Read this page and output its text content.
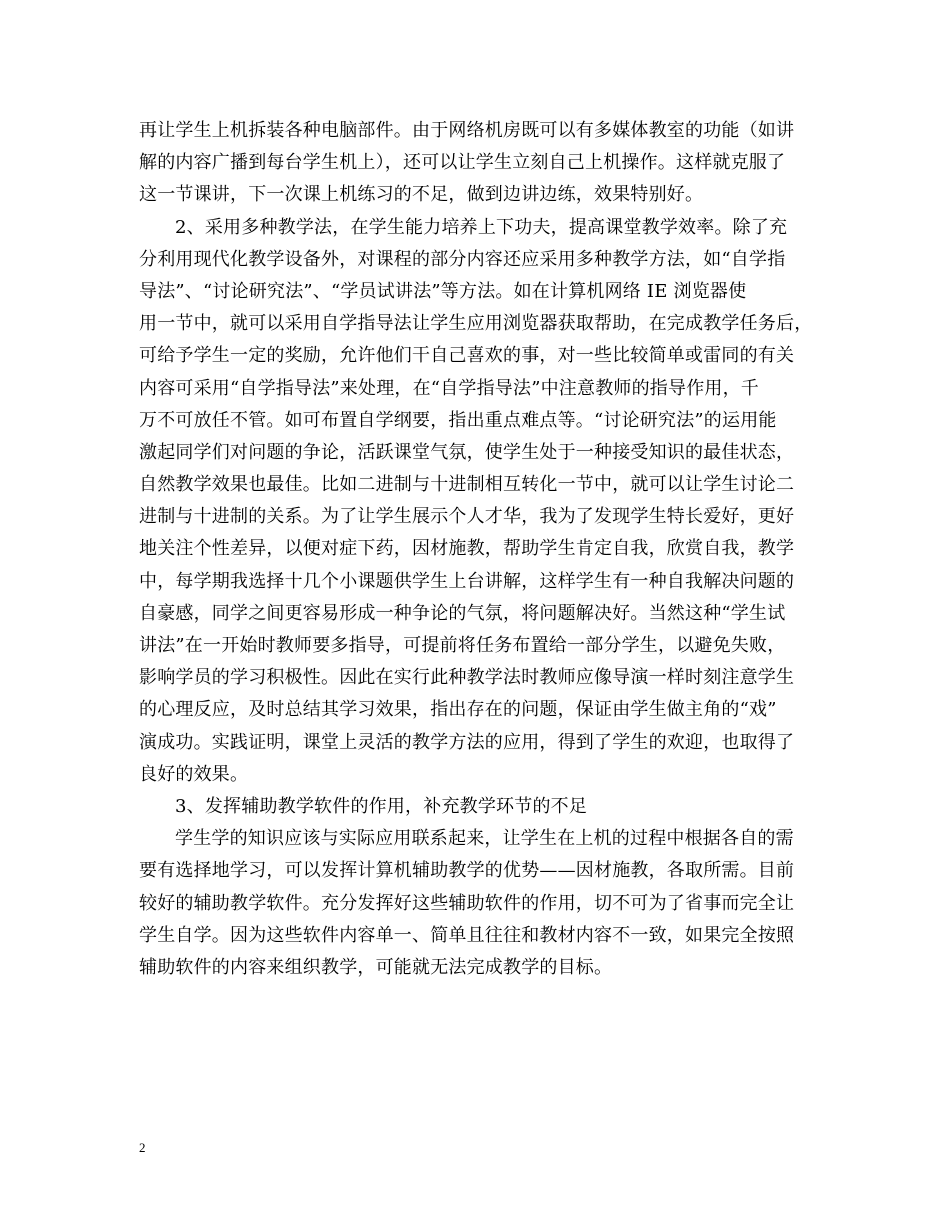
再让学生上机拆装各种电脑部件。由于网络机房既可以有多媒体教室的功能（如讲
解的内容广播到每台学生机上），还可以让学生立刻自己上机操作。这样就克服了
这一节课讲，下一次课上机练习的不足，做到边讲边练，效果特别好。
2、采用多种教学法，在学生能力培养上下功夫，提高课堂教学效率。除了充
分利用现代化教学设备外，对课程的部分内容还应采用多种教学方法，如“自学指
导法”、“讨论研究法”、“学员试讲法”等方法。如在计算机网络 IE 浏览器使
用一节中，就可以采用自学指导法让学生应用浏览器获取帮助，在完成教学任务后，
可给予学生一定的奖励，允许他们干自己喜欢的事，对一些比较简单或雷同的有关
内容可采用“自学指导法”来处理，在“自学指导法”中注意教师的指导作用，千
万不可放任不管。如可布置自学纲要，指出重点难点等。“讨论研究法”的运用能
激起同学们对问题的争论，活跃课堂气氛，使学生处于一种接受知识的最佳状态，
自然教学效果也最佳。比如二进制与十进制相互转化一节中，就可以让学生讨论二
进制与十进制的关系。为了让学生展示个人才华，我为了发现学生特长爱好，更好
地关注个性差异，以便对症下药，因材施教，帮助学生肯定自我，欣赏自我，教学
中，每学期我选择十几个小课题供学生上台讲解，这样学生有一种自我解决问题的
自豪感，同学之间更容易形成一种争论的气氛，将问题解决好。当然这种“学生试
讲法”在一开始时教师要多指导，可提前将任务布置给一部分学生，以避免失败，
影响学员的学习积极性。因此在实行此种教学法时教师应像导演一样时刻注意学生
的心理反应，及时总结其学习效果，指出存在的问题，保证由学生做主角的“戏”
演成功。实践证明，课堂上灵活的教学方法的应用，得到了学生的欢迎，也取得了
良好的效果。
3、发挥辅助教学软件的作用，补充教学环节的不足
学生学的知识应该与实际应用联系起来，让学生在上机的过程中根据各自的需
要有选择地学习，可以发挥计算机辅助教学的优势——因材施教，各取所需。目前
较好的辅助教学软件。充分发挥好这些辅助软件的作用，切不可为了省事而完全让
学生自学。因为这些软件内容单一、简单且往往和教材内容不一致，如果完全按照
辅助软件的内容来组织教学，可能就无法完成教学的目标。
2
